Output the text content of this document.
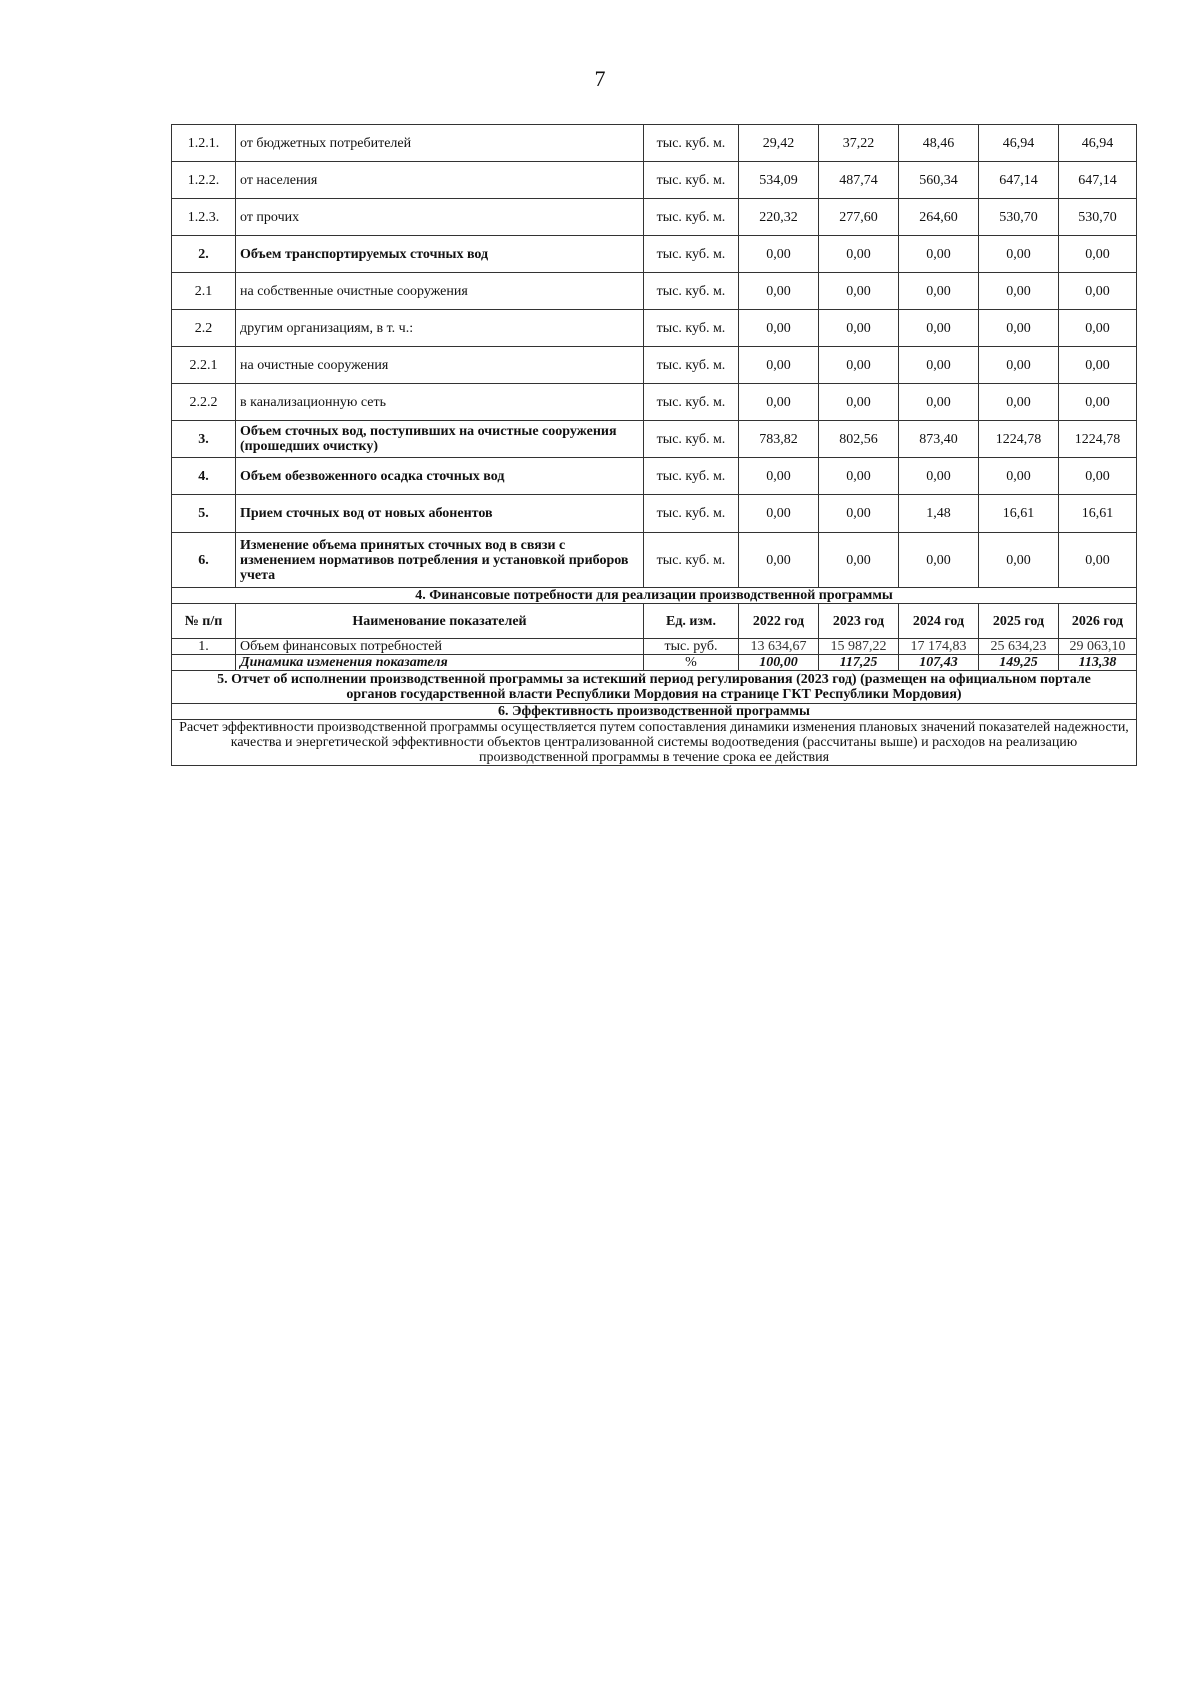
7
1.2.1.	от бюджетных потребителей	тыс. куб. м.	29,42	37,22	48,46	46,94	46,94
1.2.2.	от населения	тыс. куб. м.	534,09	487,74	560,34	647,14	647,14
1.2.3.	от прочих	тыс. куб. м.	220,32	277,60	264,60	530,70	530,70
2.	Объем транспортируемых сточных вод	тыс. куб. м.	0,00	0,00	0,00	0,00	0,00
2.1	на собственные очистные сооружения	тыс. куб. м.	0,00	0,00	0,00	0,00	0,00
2.2	другим организациям, в т. ч.:	тыс. куб. м.	0,00	0,00	0,00	0,00	0,00
2.2.1	на очистные сооружения	тыс. куб. м.	0,00	0,00	0,00	0,00	0,00
2.2.2	в канализационную сеть	тыс. куб. м.	0,00	0,00	0,00	0,00	0,00
3.	Объем сточных вод, поступивших на очистные сооружения (прошедших очистку)	тыс. куб. м.	783,82	802,56	873,40	1224,78	1224,78
4.	Объем обезвоженного осадка сточных вод	тыс. куб. м.	0,00	0,00	0,00	0,00	0,00
5.	Прием сточных вод от новых абонентов	тыс. куб. м.	0,00	0,00	1,48	16,61	16,61
6.	Изменение объема принятых сточных вод в связи с изменением нормативов потребления и установкой приборов учета	тыс. куб. м.	0,00	0,00	0,00	0,00	0,00
4. Финансовые потребности для реализации производственной программы							
№ п/п	Наименование показателей	Ед. изм.	2022 год	2023 год	2024 год	2025 год	2026 год
1.	Объем финансовых потребностей	тыс. руб.	13 634,67	15 987,22	17 174,83	25 634,23	29 063,10
	Динамика изменения показателя	%	100,00	117,25	107,43	149,25	113,38
5. Отчет об исполнении производственной программы за истекший период регулирования (2023 год) (размещен на официальном портале органов государственной власти Республики Мордовия на странице ГКТ Республики Мордовия)							
6. Эффективность производственной программы							
Расчет эффективности производственной программы осуществляется путем сопоставления динамики изменения плановых значений показателей надежности, качества и энергетической эффективности объектов централизованной системы водоотведения (рассчитаны выше) и расходов на реализацию производственной программы в течение срока ее действия							
